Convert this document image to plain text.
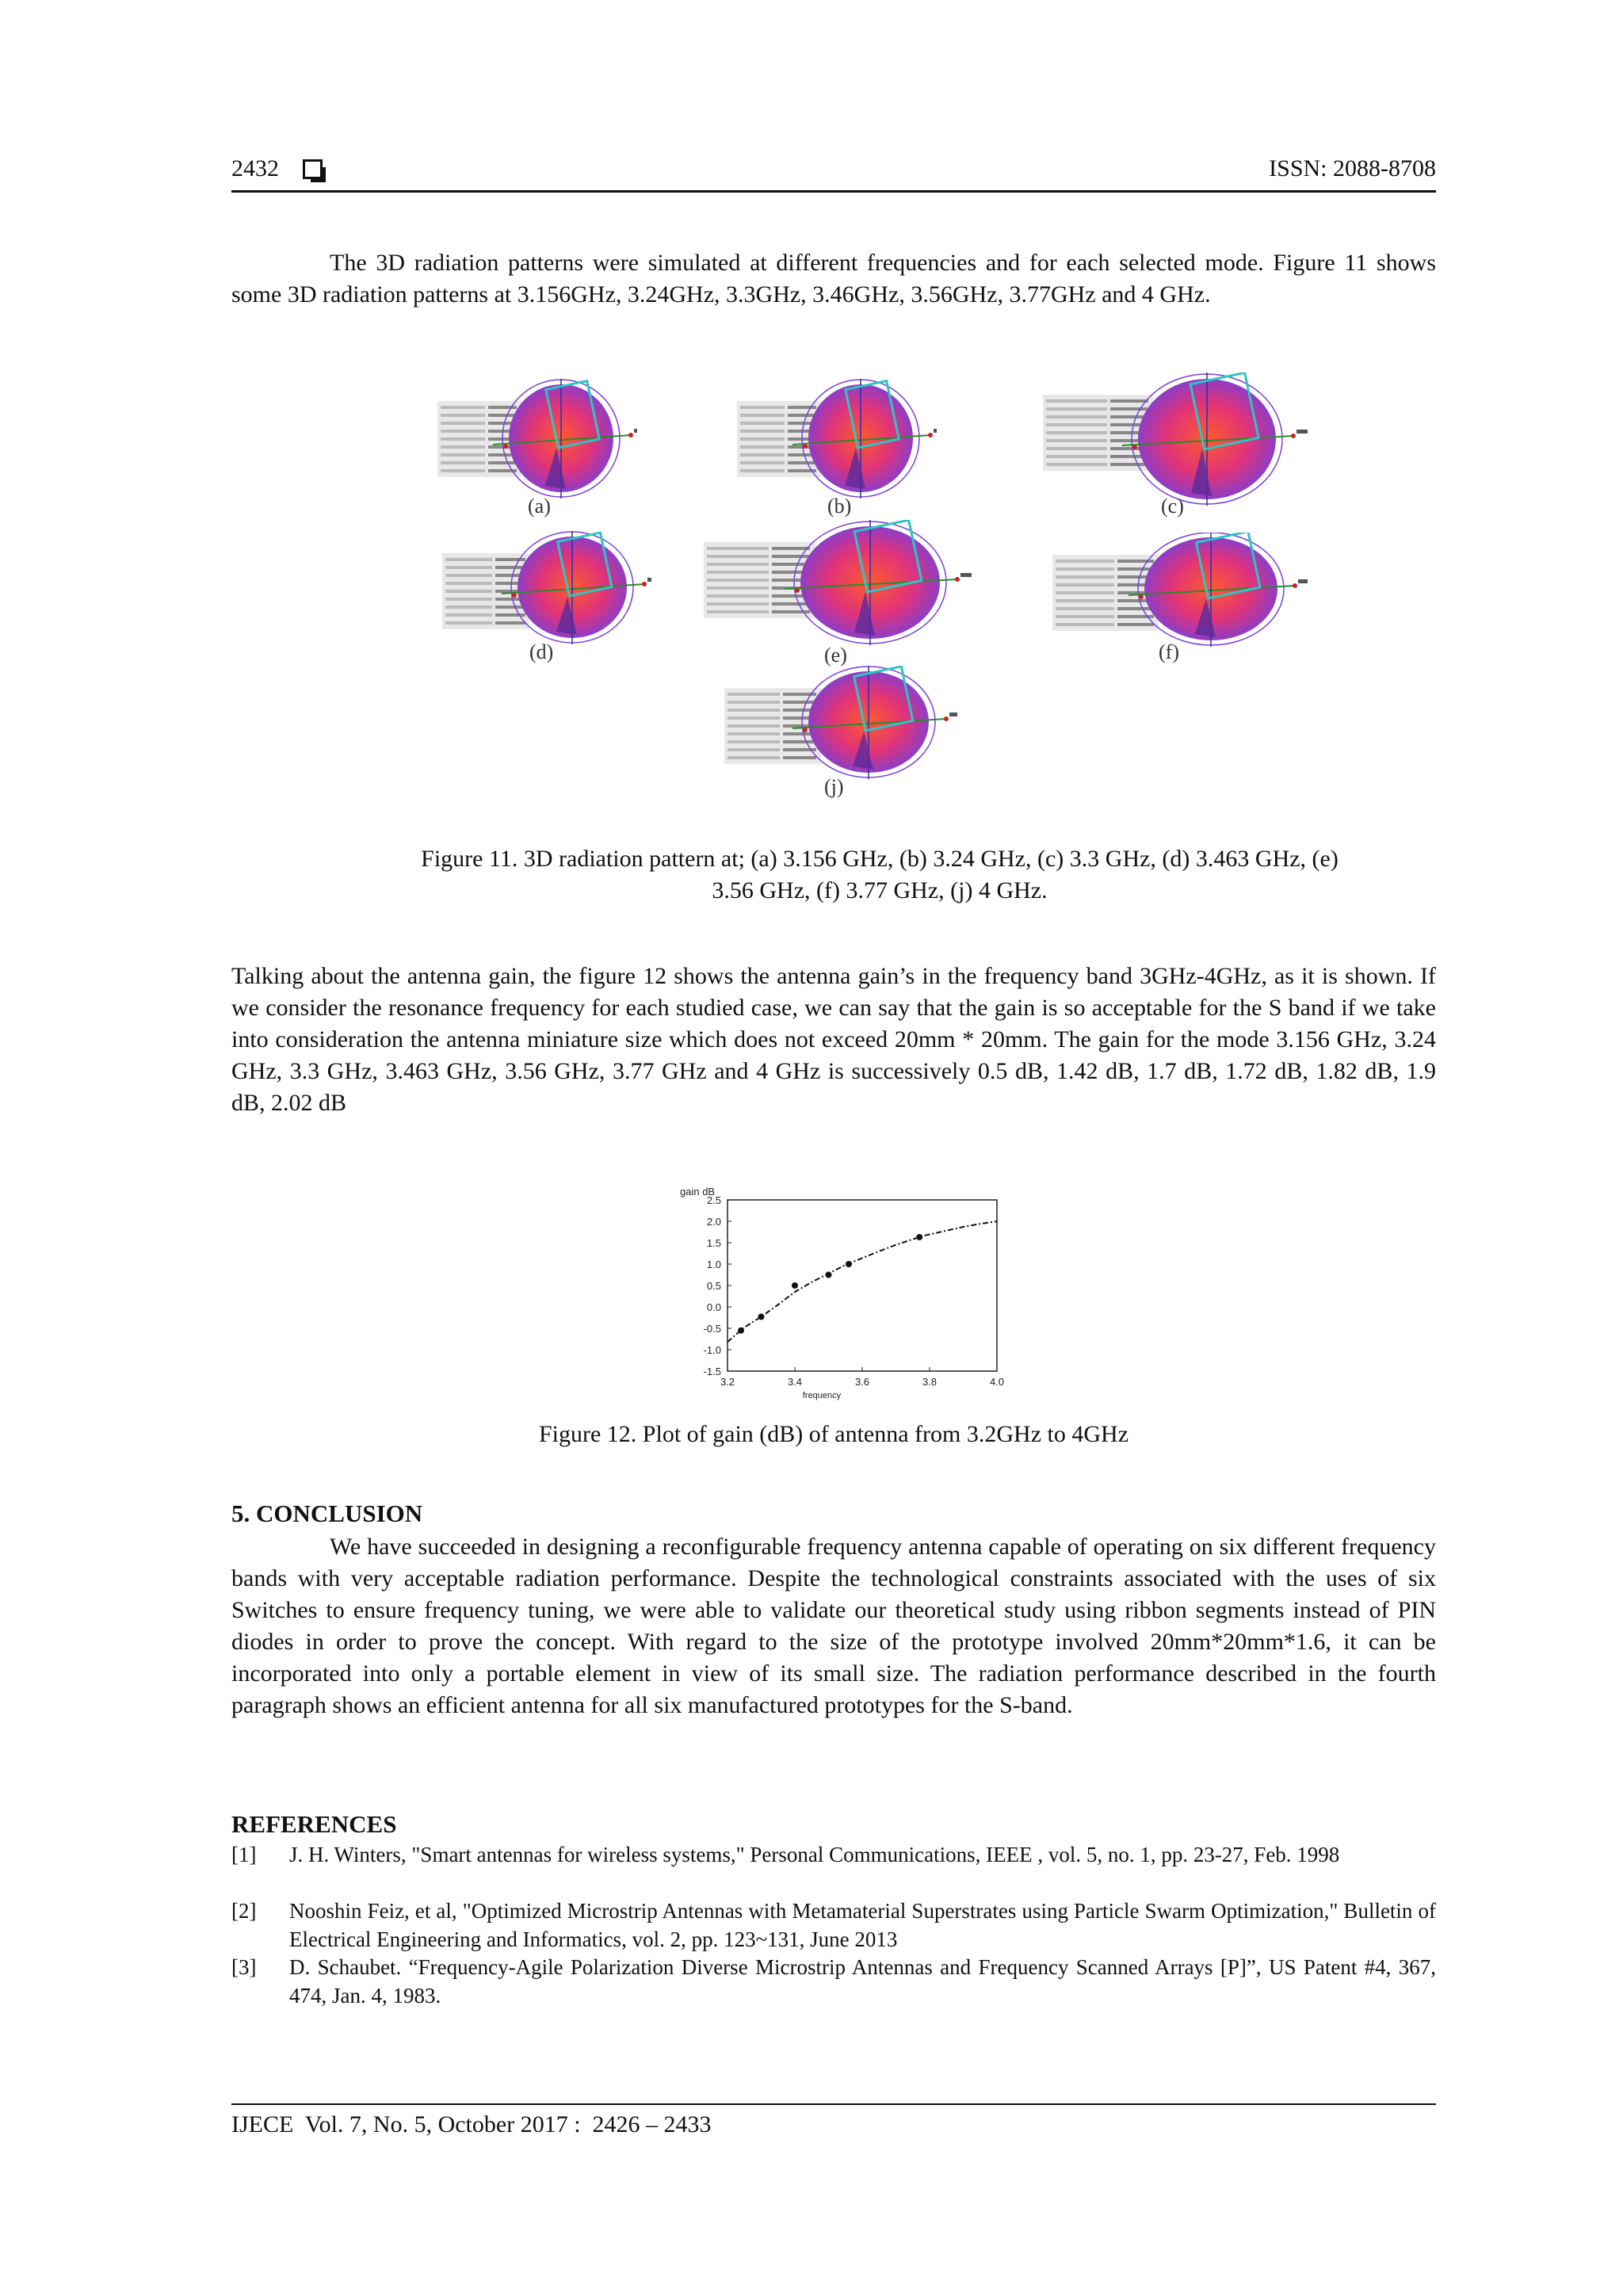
2432	ISSN: 2088-8708

The 3D radiation patterns were simulated at different frequencies and for each selected mode. Figure 11 shows some 3D radiation patterns at 3.156GHz, 3.24GHz, 3.3GHz, 3.46GHz, 3.56GHz, 3.77GHz and 4 GHz.

(a)	(b)	(c)
(d)	(e)	(f)
(j)
Figure 11. 3D radiation pattern at; (a) 3.156 GHz, (b) 3.24 GHz, (c) 3.3 GHz, (d) 3.463 GHz, (e)
3.56 GHz, (f) 3.77 GHz, (j) 4 GHz.

Talking about the antenna gain, the figure 12 shows the antenna gain’s in the frequency band 3GHz-4GHz, as it is shown. If we consider the resonance frequency for each studied case, we can say that the gain is so acceptable for the S band if we take into consideration the antenna miniature size which does not exceed 20mm * 20mm. The gain for the mode 3.156 GHz, 3.24 GHz, 3.3 GHz, 3.463 GHz, 3.56 GHz, 3.77 GHz and 4 GHz is successively 0.5 dB, 1.42 dB, 1.7 dB, 1.72 dB, 1.82 dB, 1.9 dB, 2.02 dB

gain dB
2.5
2.0
1.5
1.0
0.5
0.0
-0.5
-1.0
-1.5
3.2	3.4	3.6	3.8	4.0
frequency
Figure 12. Plot of gain (dB) of antenna from 3.2GHz to 4GHz
5. CONCLUSION

We have succeeded in designing a reconfigurable frequency antenna capable of operating on six different frequency bands with very acceptable radiation performance. Despite the technological constraints associated with the uses of six Switches to ensure frequency tuning, we were able to validate our theoretical study using ribbon segments instead of PIN diodes in order to prove the concept. With regard to the size of the prototype involved 20mm*20mm*1.6, it can be incorporated into only a portable element in view of its small size. The radiation performance described in the fourth paragraph shows an efficient antenna for all six manufactured prototypes for the S-band.

REFERENCES
[1]	J. H. Winters, "Smart antennas for wireless systems," Personal Communications, IEEE , vol. 5, no. 1, pp. 23-27, Feb. 1998
[2]	Nooshin Feiz, et al, "Optimized Microstrip Antennas with Metamaterial Superstrates using Particle Swarm Optimization," Bulletin of Electrical Engineering and Informatics, vol. 2, pp. 123~131, June 2013
[3]	D. Schaubet. “Frequency-Agile Polarization Diverse Microstrip Antennas and Frequency Scanned Arrays [P]”, US Patent #4, 367, 474, Jan. 4, 1983.
IJECE  Vol. 7, No. 5, October 2017 :  2426 – 2433
